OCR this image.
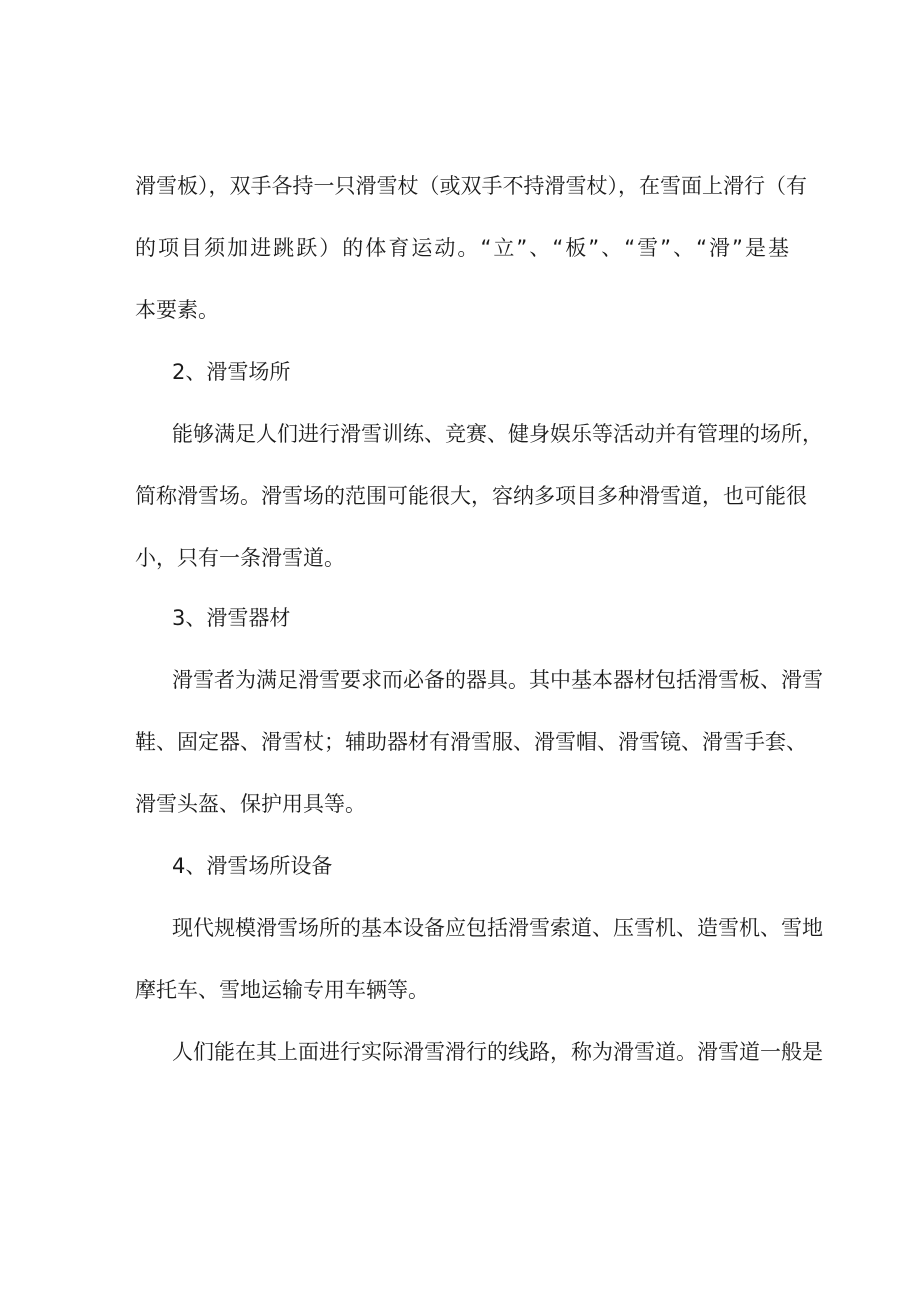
滑雪板），双手各持一只滑雪杖（或双手不持滑雪杖），在雪面上滑行（有
的项目须加进跳跃）的体育运动。“立”、“板”、“雪”、“滑”是基
本要素。
2、滑雪场所
能够满足人们进行滑雪训练、竞赛、健身娱乐等活动并有管理的场所，
简称滑雪场。滑雪场的范围可能很大，容纳多项目多种滑雪道，也可能很
小，只有一条滑雪道。
3、滑雪器材
滑雪者为满足滑雪要求而必备的器具。其中基本器材包括滑雪板、滑雪
鞋、固定器、滑雪杖；辅助器材有滑雪服、滑雪帽、滑雪镜、滑雪手套、
滑雪头盔、保护用具等。
4、滑雪场所设备
现代规模滑雪场所的基本设备应包括滑雪索道、压雪机、造雪机、雪地
摩托车、雪地运输专用车辆等。
人们能在其上面进行实际滑雪滑行的线路，称为滑雪道。滑雪道一般是
